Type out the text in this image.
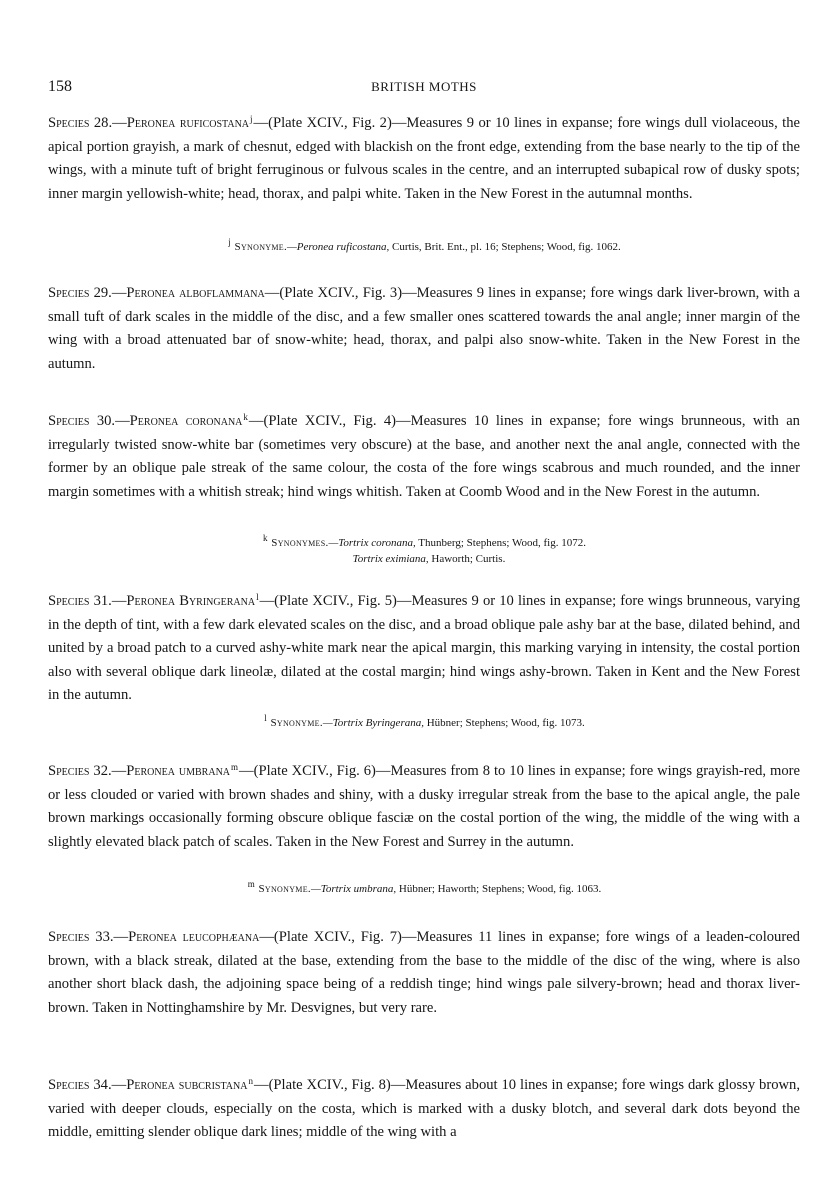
158	BRITISH MOTHS
Species 28.—Peronea ruficostana$^j$—(Plate XCIV., Fig. 2)—Measures 9 or 10 lines in expanse; fore wings dull violaceous, the apical portion grayish, a mark of chesnut, edged with blackish on the front edge, extending from the base nearly to the tip of the wings, with a minute tuft of bright ferruginous or fulvous scales in the centre, and an interrupted subapical row of dusky spots; inner margin yellowish-white; head, thorax, and palpi white. Taken in the New Forest in the autumnal months.
$^j$ Synonyme.—Peronea ruficostana, Curtis, Brit. Ent., pl. 16; Stephens; Wood, fig. 1062.
Species 29.—Peronea alboflammana—(Plate XCIV., Fig. 3)—Measures 9 lines in expanse; fore wings dark liver-brown, with a small tuft of dark scales in the middle of the disc, and a few smaller ones scattered towards the anal angle; inner margin of the wing with a broad attenuated bar of snow-white; head, thorax, and palpi also snow-white. Taken in the New Forest in the autumn.
Species 30.—Peronea coronana$^k$—(Plate XCIV., Fig. 4)—Measures 10 lines in expanse; fore wings brunneous, with an irregularly twisted snow-white bar (sometimes very obscure) at the base, and another next the anal angle, connected with the former by an oblique pale streak of the same colour, the costa of the fore wings scabrous and much rounded, and the inner margin sometimes with a whitish streak; hind wings whitish. Taken at Coomb Wood and in the New Forest in the autumn.
$^k$ Synonymes.—Tortrix coronana, Thunberg; Stephens; Wood, fig. 1072.
Tortrix eximiana, Haworth; Curtis.
Species 31.—Peronea Byringerana$^l$—(Plate XCIV., Fig. 5)—Measures 9 or 10 lines in expanse; fore wings brunneous, varying in the depth of tint, with a few dark elevated scales on the disc, and a broad oblique pale ashy bar at the base, dilated behind, and united by a broad patch to a curved ashy-white mark near the apical margin, this marking varying in intensity, the costal portion also with several oblique dark lineolæ, dilated at the costal margin; hind wings ashy-brown. Taken in Kent and the New Forest in the autumn.
$^l$ Synonyme.—Tortrix Byringerana, Hübner; Stephens; Wood, fig. 1073.
Species 32.—Peronea umbrana$^m$—(Plate XCIV., Fig. 6)—Measures from 8 to 10 lines in expanse; fore wings grayish-red, more or less clouded or varied with brown shades and shiny, with a dusky irregular streak from the base to the apical angle, the pale brown markings occasionally forming obscure oblique fasciæ on the costal portion of the wing, the middle of the wing with a slightly elevated black patch of scales. Taken in the New Forest and Surrey in the autumn.
$^m$ Synonyme.—Tortrix umbrana, Hübner; Haworth; Stephens; Wood, fig. 1063.
Species 33.—Peronea leucophæana—(Plate XCIV., Fig. 7)—Measures 11 lines in expanse; fore wings of a leaden-coloured brown, with a black streak, dilated at the base, extending from the base to the middle of the disc of the wing, where is also another short black dash, the adjoining space being of a reddish tinge; hind wings pale silvery-brown; head and thorax liver-brown. Taken in Nottinghamshire by Mr. Desvignes, but very rare.
Species 34.—Peronea subcristana$^n$—(Plate XCIV., Fig. 8)—Measures about 10 lines in expanse; fore wings dark glossy brown, varied with deeper clouds, especially on the costa, which is marked with a dusky blotch, and several dark dots beyond the middle, emitting slender oblique dark lines; middle of the wing with a
